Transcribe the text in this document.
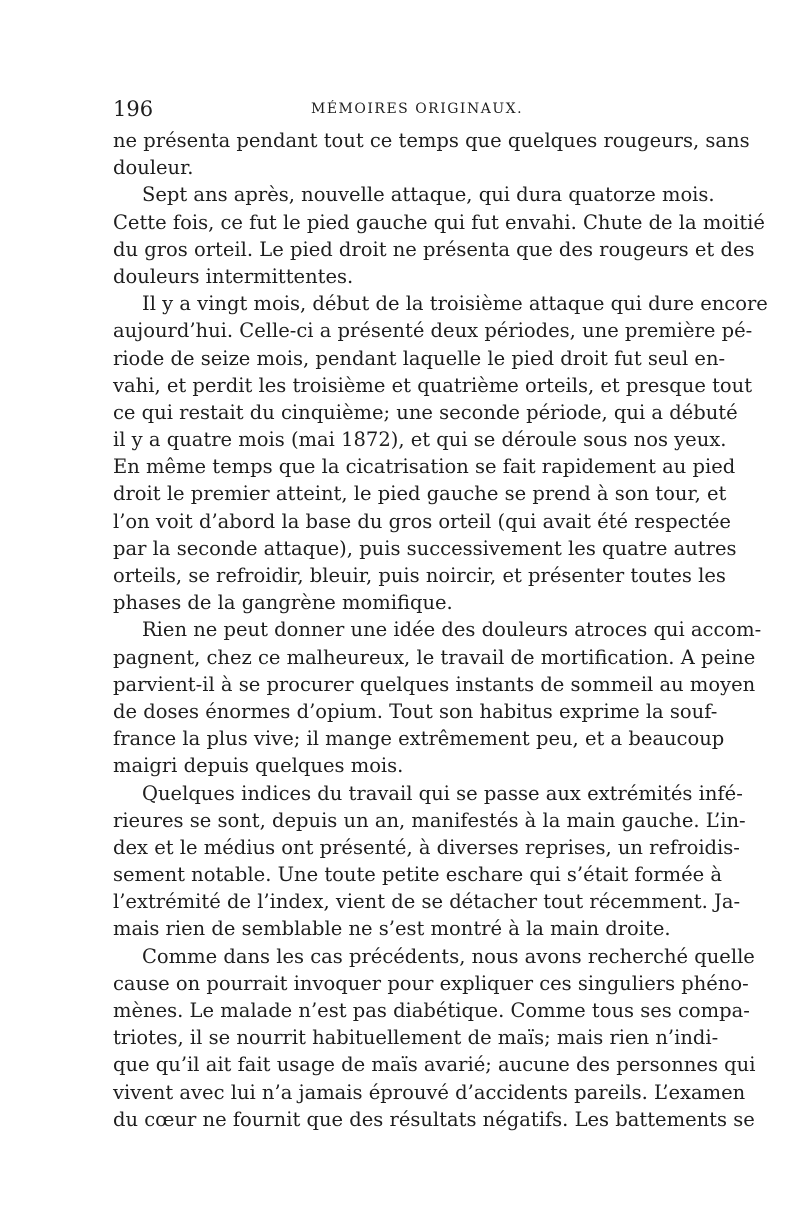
196	MÉMOIRES ORIGINAUX.
ne présenta pendant tout ce temps que quelques rougeurs, sans
douleur.
Sept ans après, nouvelle attaque, qui dura quatorze mois.
Cette fois, ce fut le pied gauche qui fut envahi. Chute de la moitié
du gros orteil. Le pied droit ne présenta que des rougeurs et des
douleurs intermittentes.
Il y a vingt mois, début de la troisième attaque qui dure encore
aujourd’hui. Celle-ci a présenté deux périodes, une première pé-
riode de seize mois, pendant laquelle le pied droit fut seul en-
vahi, et perdit les troisième et quatrième orteils, et presque tout
ce qui restait du cinquième; une seconde période, qui a débuté
il y a quatre mois (mai 1872), et qui se déroule sous nos yeux.
En même temps que la cicatrisation se fait rapidement au pied
droit le premier atteint, le pied gauche se prend à son tour, et
l’on voit d’abord la base du gros orteil (qui avait été respectée
par la seconde attaque), puis successivement les quatre autres
orteils, se refroidir, bleuir, puis noircir, et présenter toutes les
phases de la gangrène momifique.
Rien ne peut donner une idée des douleurs atroces qui accom-
pagnent, chez ce malheureux, le travail de mortification. A peine
parvient-il à se procurer quelques instants de sommeil au moyen
de doses énormes d’opium. Tout son habitus exprime la souf-
france la plus vive; il mange extrêmement peu, et a beaucoup
maigri depuis quelques mois.
Quelques indices du travail qui se passe aux extrémités infé-
rieures se sont, depuis un an, manifestés à la main gauche. L’in-
dex et le médius ont présenté, à diverses reprises, un refroidis-
sement notable. Une toute petite eschare qui s’était formée à
l’extrémité de l’index, vient de se détacher tout récemment. Ja-
mais rien de semblable ne s’est montré à la main droite.
Comme dans les cas précédents, nous avons recherché quelle
cause on pourrait invoquer pour expliquer ces singuliers phéno-
mènes. Le malade n’est pas diabétique. Comme tous ses compa-
triotes, il se nourrit habituellement de maïs; mais rien n’indi-
que qu’il ait fait usage de maïs avarié; aucune des personnes qui
vivent avec lui n’a jamais éprouvé d’accidents pareils. L’examen
du cœur ne fournit que des résultats négatifs. Les battements se
